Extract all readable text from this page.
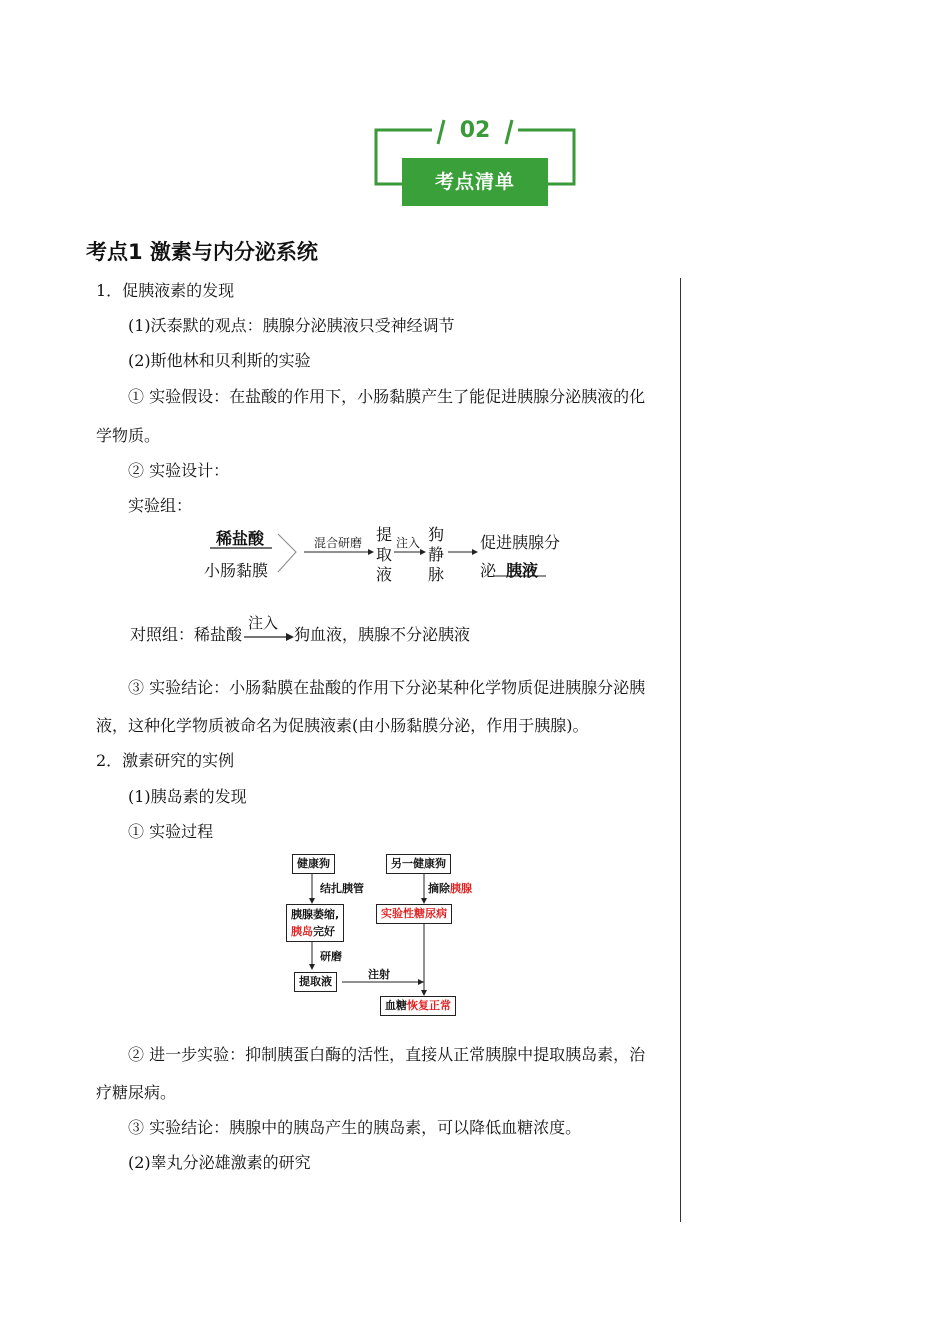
02
考点清单
考点1 激素与内分泌系统
1．促胰液素的发现
(1)沃泰默的观点：胰腺分泌胰液只受神经调节
(2)斯他林和贝利斯的实验
① 实验假设：在盐酸的作用下，小肠黏膜产生了能促进胰腺分泌胰液的化
学物质。
② 实验设计：
实验组：
稀盐酸
小肠黏膜
混合研磨 提
取
液
注入 狗
静
脉
促进胰腺分
泌 胰液
对照组：稀盐酸
注入
狗血液，胰腺不分泌胰液
③ 实验结论：小肠黏膜在盐酸的作用下分泌某种化学物质促进胰腺分泌胰
液，这种化学物质被命名为促胰液素(由小肠黏膜分泌，作用于胰腺)。
2．激素研究的实例
(1)胰岛素的发现
① 实验过程
健康狗	另一健康狗
结扎胰管	摘除胰腺
胰腺萎缩,
胰岛完好
实验性糖尿病
研磨
提取液
注射
血糖恢复正常
② 进一步实验：抑制胰蛋白酶的活性，直接从正常胰腺中提取胰岛素，治
疗糖尿病。
③ 实验结论：胰腺中的胰岛产生的胰岛素，可以降低血糖浓度。
(2)睾丸分泌雄激素的研究
